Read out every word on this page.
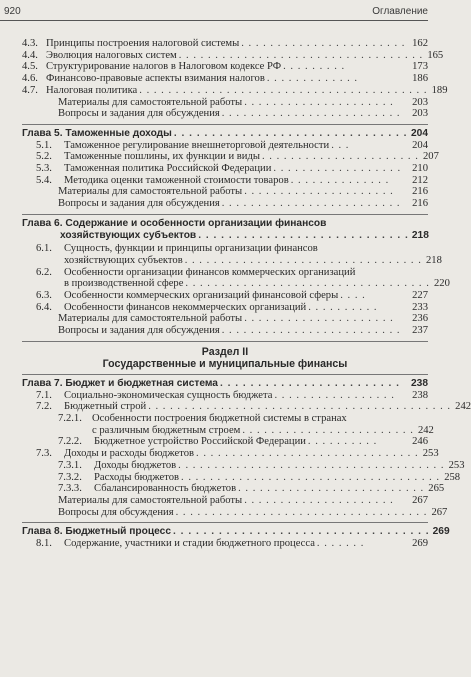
920	Оглавление
4.3. Принципы построения налоговой системы . . . . . . . . . . . . . . . . . . . . . . . 162
4.4. Эволюция налоговых систем . . . . . . . . . . . . . . . . . . . . . . . . . . . . . . . . . . 165
4.5. Структурирование налогов в Налоговом кодексе РФ . . . . . . . . .	173
4.6. Финансово-правовые аспекты взимания налогов . . . . . . . . . . . . .	186
4.7. Налоговая политика . . . . . . . . . . . . . . . . . . . . . . . . . . . . . . . . . . . . . . . . 189
Материалы для самостоятельной работы . . . . . . . . . . . . . . . . . . . . .	203
Вопросы и задания для обсуждения . . . . . . . . . . . . . . . . . . . . . . . . .	203
Глава 5. Таможенные доходы . . . . . . . . . . . . . . . . . . . . . . . . . . . . . . . 204
5.1.	Таможенное регулирование внешнеторговой деятельности . . .	204
5.2.	Таможенные пошлины, их функции и виды . . . . . . . . . . . . . . . . . . . . . . 207
5.3.	Таможенная политика Российской Федерации . . . . . . . . . . . . . . . . . .	210
5.4.	Методика оценки таможенной стоимости товаров . . . . . . . . . . . . . .	212
Материалы для самостоятельной работы . . . . . . . . . . . . . . . . . . . . .	216
Вопросы и задания для обсуждения . . . . . . . . . . . . . . . . . . . . . . . . .	216
Глава 6. Содержание и особенности организации финансов
хозяйствующих субъектов . . . . . . . . . . . . . . . . . . . . . . . . . . . . 218
6.1. Сущность, функции и принципы организации финансов
хозяйствующих субъектов . . . . . . . . . . . . . . . . . . . . . . . . . . . . . . . . . 218
6.2. Особенности организации финансов коммерческих организаций
в производственной сфере . . . . . . . . . . . . . . . . . . . . . . . . . . . . . . . . . . 220
6.3.	Особенности коммерческих организаций финансовой сферы . . . .	227
6.4.	Особенности финансов некоммерческих организаций . . . . . . . . . .	233
Материалы для самостоятельной работы . . . . . . . . . . . . . . . . . . . . .	236
Вопросы и задания для обсуждения . . . . . . . . . . . . . . . . . . . . . . . . .	237
Раздел II
Государственные и муниципальные финансы
Глава 7. Бюджет и бюджетная система . . . . . . . . . . . . . . . . . . . . . . . .	238
7.1.	Социально-экономическая сущность бюджета . . . . . . . . . . . . . . . . .	238
7.2.	Бюджетный строй . . . . . . . . . . . . . . . . . . . . . . . . . . . . . . . . . . . . . . . . . . 242
7.2.1. Особенности построения бюджетной системы в странах
с различным бюджетным строем . . . . . . . . . . . . . . . . . . . . . . . . 242
7.2.2.	Бюджетное устройство Российской Федерации . . . . . . . . . .	246
7.3.	Доходы и расходы бюджетов . . . . . . . . . . . . . . . . . . . . . . . . . . . . . . . 253
7.3.1.	Доходы бюджетов . . . . . . . . . . . . . . . . . . . . . . . . . . . . . . . . . . . . . 253
7.3.2.	Расходы бюджетов . . . . . . . . . . . . . . . . . . . . . . . . . . . . . . . . . . . . 258
7.3.3.	Сбалансированность бюджетов . . . . . . . . . . . . . . . . . . . . . . . . . . 265
Материалы для самостоятельной работы . . . . . . . . . . . . . . . . . . . . .	267
Вопросы для обсуждения . . . . . . . . . . . . . . . . . . . . . . . . . . . . . . . . . . . 267
Глава 8. Бюджетный процесс . . . . . . . . . . . . . . . . . . . . . . . . . . . . . . . . . . 269
8.1.	Содержание, участники и стадии бюджетного процесса . . . . . . .	269
